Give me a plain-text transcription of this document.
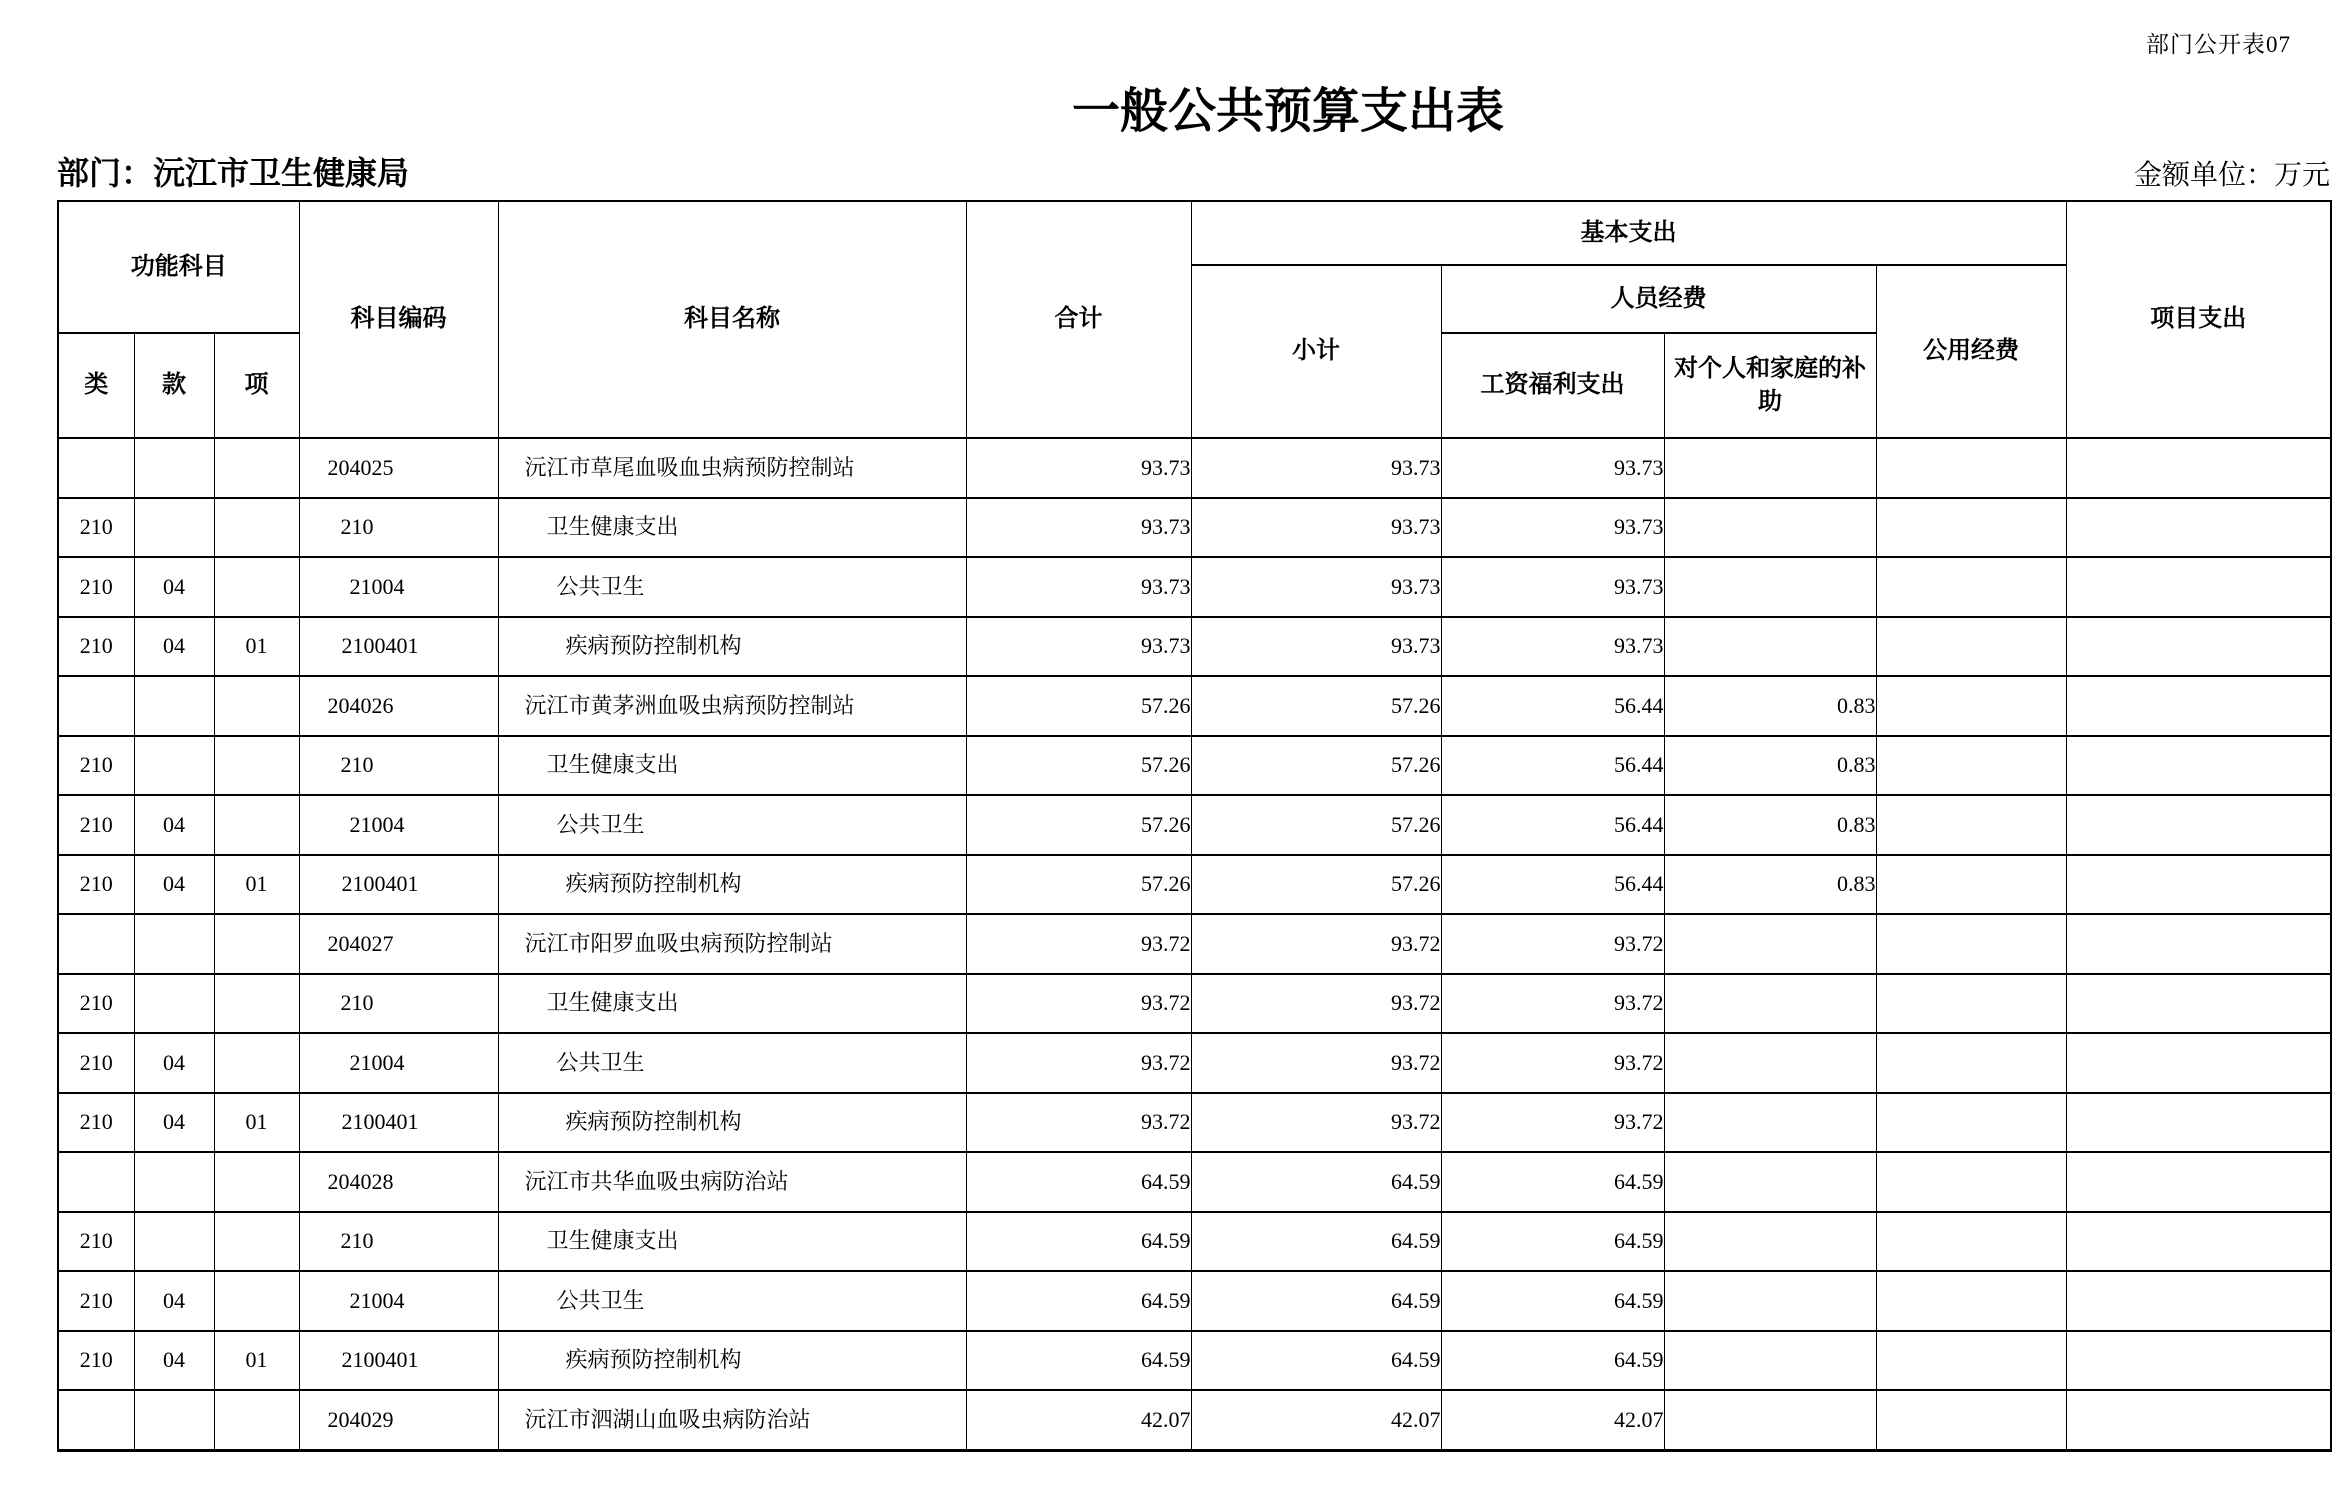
部门公开表07
一般公共预算支出表
部门：沅江市卫生健康局	金额单位：万元
功能科目			科目编码	科目名称	合计	基本支出				项目支出
						小计	人员经费		公用经费	
类	款	项					工资福利支出	对个人和家庭的补助		
			204025	沅江市草尾血吸血虫病预防控制站	93.73	93.73	93.73			
210			210	卫生健康支出	93.73	93.73	93.73			
210	04		21004	公共卫生	93.73	93.73	93.73			
210	04	01	2100401	疾病预防控制机构	93.73	93.73	93.73			
			204026	沅江市黄茅洲血吸虫病预防控制站	57.26	57.26	56.44	0.83		
210			210	卫生健康支出	57.26	57.26	56.44	0.83		
210	04		21004	公共卫生	57.26	57.26	56.44	0.83		
210	04	01	2100401	疾病预防控制机构	57.26	57.26	56.44	0.83		
			204027	沅江市阳罗血吸虫病预防控制站	93.72	93.72	93.72			
210			210	卫生健康支出	93.72	93.72	93.72			
210	04		21004	公共卫生	93.72	93.72	93.72			
210	04	01	2100401	疾病预防控制机构	93.72	93.72	93.72			
			204028	沅江市共华血吸虫病防治站	64.59	64.59	64.59			
210			210	卫生健康支出	64.59	64.59	64.59			
210	04		21004	公共卫生	64.59	64.59	64.59			
210	04	01	2100401	疾病预防控制机构	64.59	64.59	64.59			
			204029	沅江市泗湖山血吸虫病防治站	42.07	42.07	42.07			
